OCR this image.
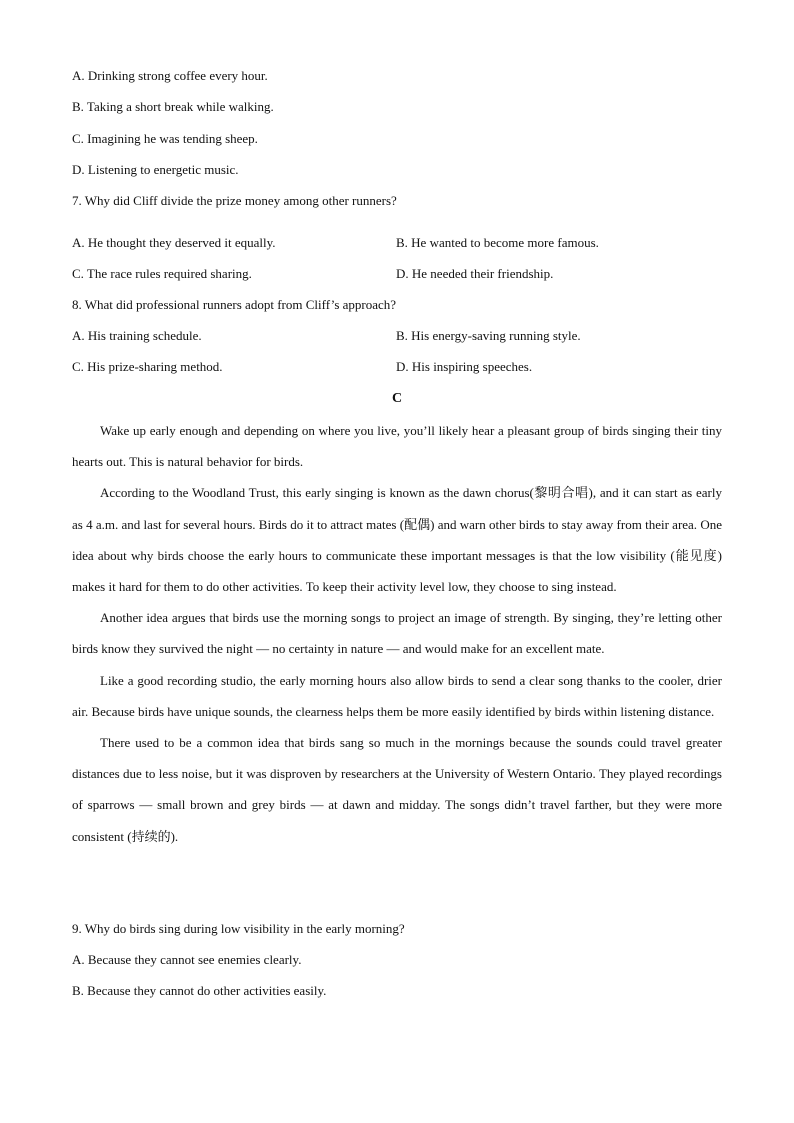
A. Drinking strong coffee every hour.
B. Taking a short break while walking.
C. Imagining he was tending sheep.
D. Listening to energetic music.
7. Why did Cliff divide the prize money among other runners?
A. He thought they deserved it equally.	B. He wanted to become more famous.
C. The race rules required sharing.	D. He needed their friendship.
8. What did professional runners adopt from Cliff’s approach?
A. His training schedule.	B. His energy-saving running style.
C. His prize-sharing method.	D. His inspiring speeches.
C

Wake up early enough and depending on where you live, you’ll likely hear a pleasant group of birds singing their tiny hearts out. This is natural behavior for birds.

According to the Woodland Trust, this early singing is known as the dawn chorus(黎明合唱), and it can start as early as 4 a.m. and last for several hours. Birds do it to attract mates (配偶) and warn other birds to stay away from their area. One idea about why birds choose the early hours to communicate these important messages is that the low visibility (能见度) makes it hard for them to do other activities. To keep their activity level low, they choose to sing instead.

Another idea argues that birds use the morning songs to project an image of strength. By singing, they’re letting other birds know they survived the night — no certainty in nature — and would make for an excellent mate.

Like a good recording studio, the early morning hours also allow birds to send a clear song thanks to the cooler, drier air. Because birds have unique sounds, the clearness helps them be more easily identified by birds within listening distance.

There used to be a common idea that birds sang so much in the mornings because the sounds could travel greater distances due to less noise, but it was disproven by researchers at the University of Western Ontario. They played recordings of sparrows — small brown and grey birds — at dawn and midday. The songs didn’t travel farther, but they were more consistent (持续的).

9. Why do birds sing during low visibility in the early morning?
A. Because they cannot see enemies clearly.
B. Because they cannot do other activities easily.
